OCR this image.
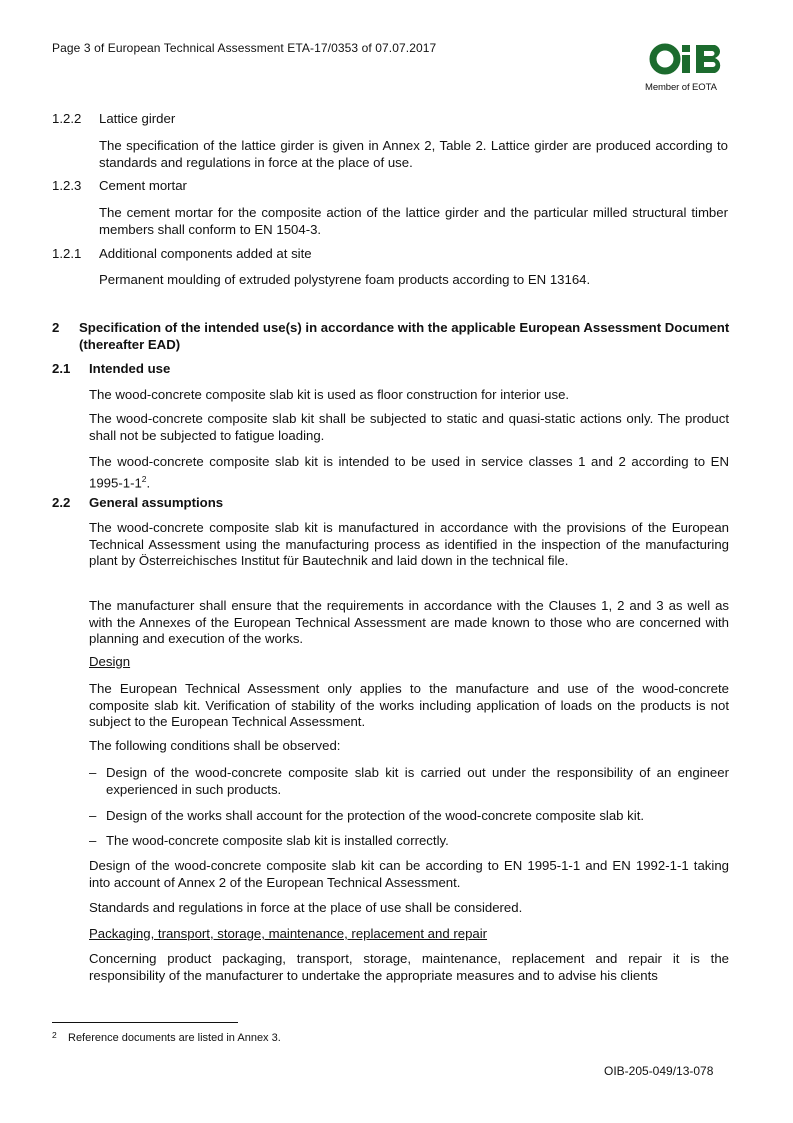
Page 3 of European Technical Assessment ETA-17/0353 of 07.07.2017
Member of EOTA
1.2.2 Lattice girder

The specification of the lattice girder is given in Annex 2, Table 2. Lattice girder are produced according to standards and regulations in force at the place of use.

1.2.3 Cement mortar

The cement mortar for the composite action of the lattice girder and the particular milled structural timber members shall conform to EN 1504-3.

1.2.1 Additional components added at site

Permanent moulding of extruded polystyrene foam products according to EN 13164.

2 Specification of the intended use(s) in accordance with the applicable European Assessment Document (thereafter EAD)

2.1 Intended use

The wood-concrete composite slab kit is used as floor construction for interior use.

The wood-concrete composite slab kit shall be subjected to static and quasi-static actions only. The product shall not be subjected to fatigue loading.

The wood-concrete composite slab kit is intended to be used in service classes 1 and 2 according to EN $1995-1-1^2$.

2.2 General assumptions

The wood-concrete composite slab kit is manufactured in accordance with the provisions of the European Technical Assessment using the manufacturing process as identified in the inspection of the manufacturing plant by Österreichisches Institut für Bautechnik and laid down in the technical file.

The manufacturer shall ensure that the requirements in accordance with the Clauses 1, 2 and 3 as well as with the Annexes of the European Technical Assessment are made known to those who are concerned with planning and execution of the works.

Design

The European Technical Assessment only applies to the manufacture and use of the wood-concrete composite slab kit. Verification of stability of the works including application of loads on the products is not subject to the European Technical Assessment.

The following conditions shall be observed:

– Design of the wood-concrete composite slab kit is carried out under the responsibility of an engineer experienced in such products.

– Design of the works shall account for the protection of the wood-concrete composite slab kit.

– The wood-concrete composite slab kit is installed correctly.

Design of the wood-concrete composite slab kit can be according to EN 1995-1-1 and EN 1992-1-1 taking into account of Annex 2 of the European Technical Assessment.

Standards and regulations in force at the place of use shall be considered.

Packaging, transport, storage, maintenance, replacement and repair

Concerning product packaging, transport, storage, maintenance, replacement and repair it is the responsibility of the manufacturer to undertake the appropriate measures and to advise his clients

2 Reference documents are listed in Annex 3.
OIB-205-049/13-078
